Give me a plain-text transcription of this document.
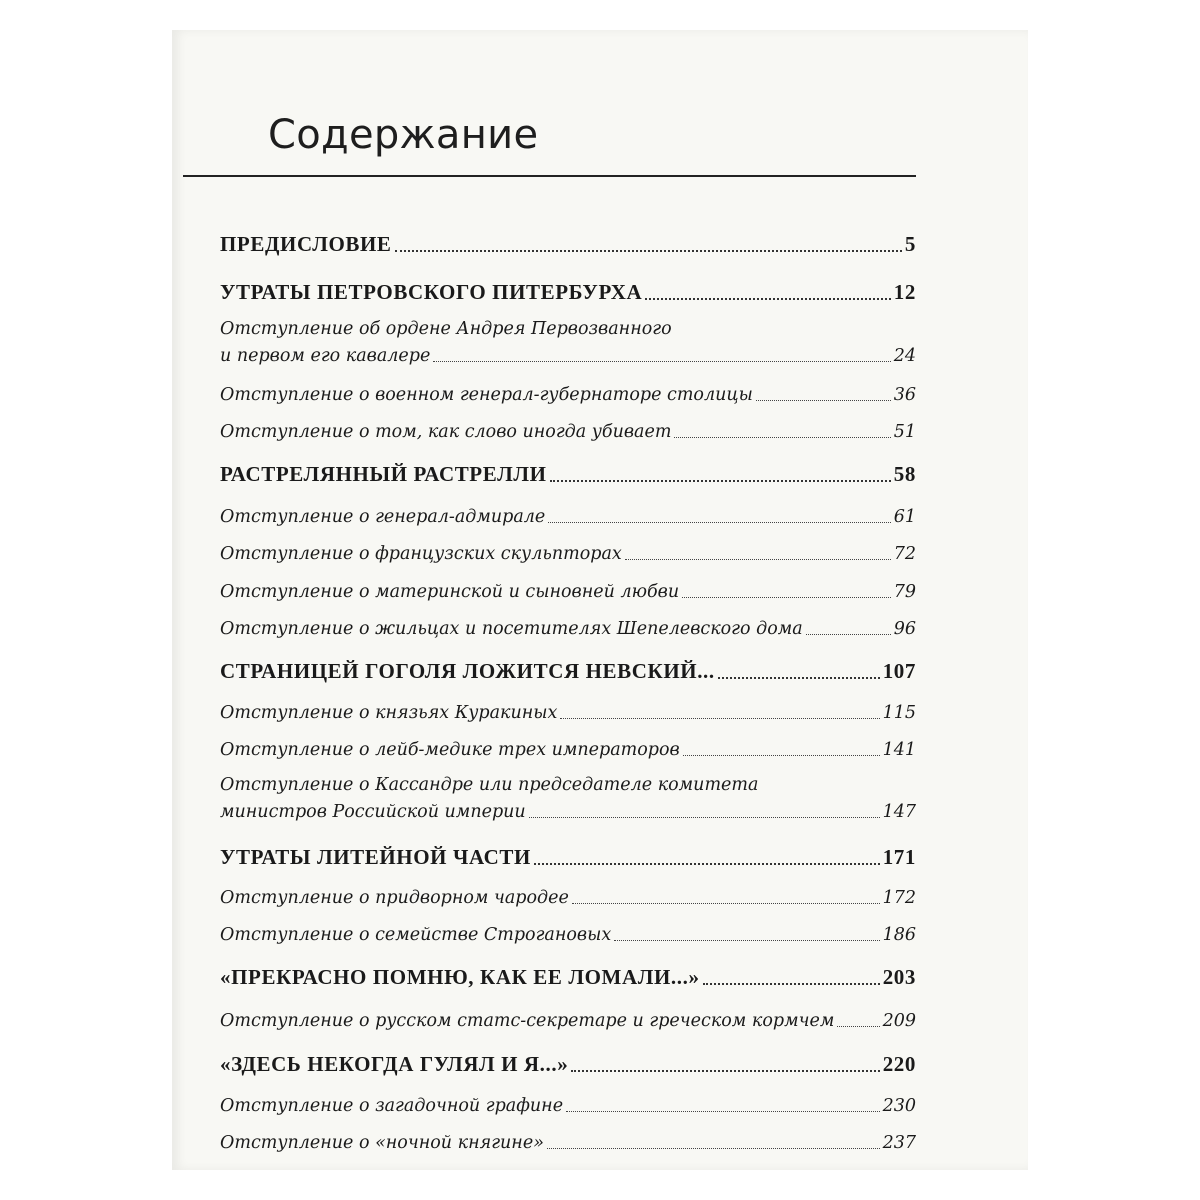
Содержание
ПРЕДИСЛОВИЕ	5
УТРАТЫ ПЕТРОВСКОГО ПИТЕРБУРХА	12
Отступление об ордене Андрея Первозванного
и первом его кавалере	24
Отступление о военном генерал-губернаторе столицы	36
Отступление о том, как слово иногда убивает	51
РАСТРЕЛЯННЫЙ РАСТРЕЛЛИ	58
Отступление о генерал-адмирале	61
Отступление о французских скульпторах	72
Отступление о материнской и сыновней любви	79
Отступление о жильцах и посетителях Шепелевского дома	96
СТРАНИЦЕЙ ГОГОЛЯ ЛОЖИТСЯ НЕВСКИЙ...	107
Отступление о князьях Куракиных	115
Отступление о лейб-медике трех императоров	141
Отступление о Кассандре или председателе комитета
министров Российской империи	147
УТРАТЫ ЛИТЕЙНОЙ ЧАСТИ	171
Отступление о придворном чародее	172
Отступление о семействе Строгановых	186
«ПРЕКРАСНО ПОМНЮ, КАК ЕЕ ЛОМАЛИ...»	203
Отступление о русском статс-секретаре и греческом кормчем	209
«ЗДЕСЬ НЕКОГДА ГУЛЯЛ И Я...»	220
Отступление о загадочной графине	230
Отступление о «ночной княгине»	237
